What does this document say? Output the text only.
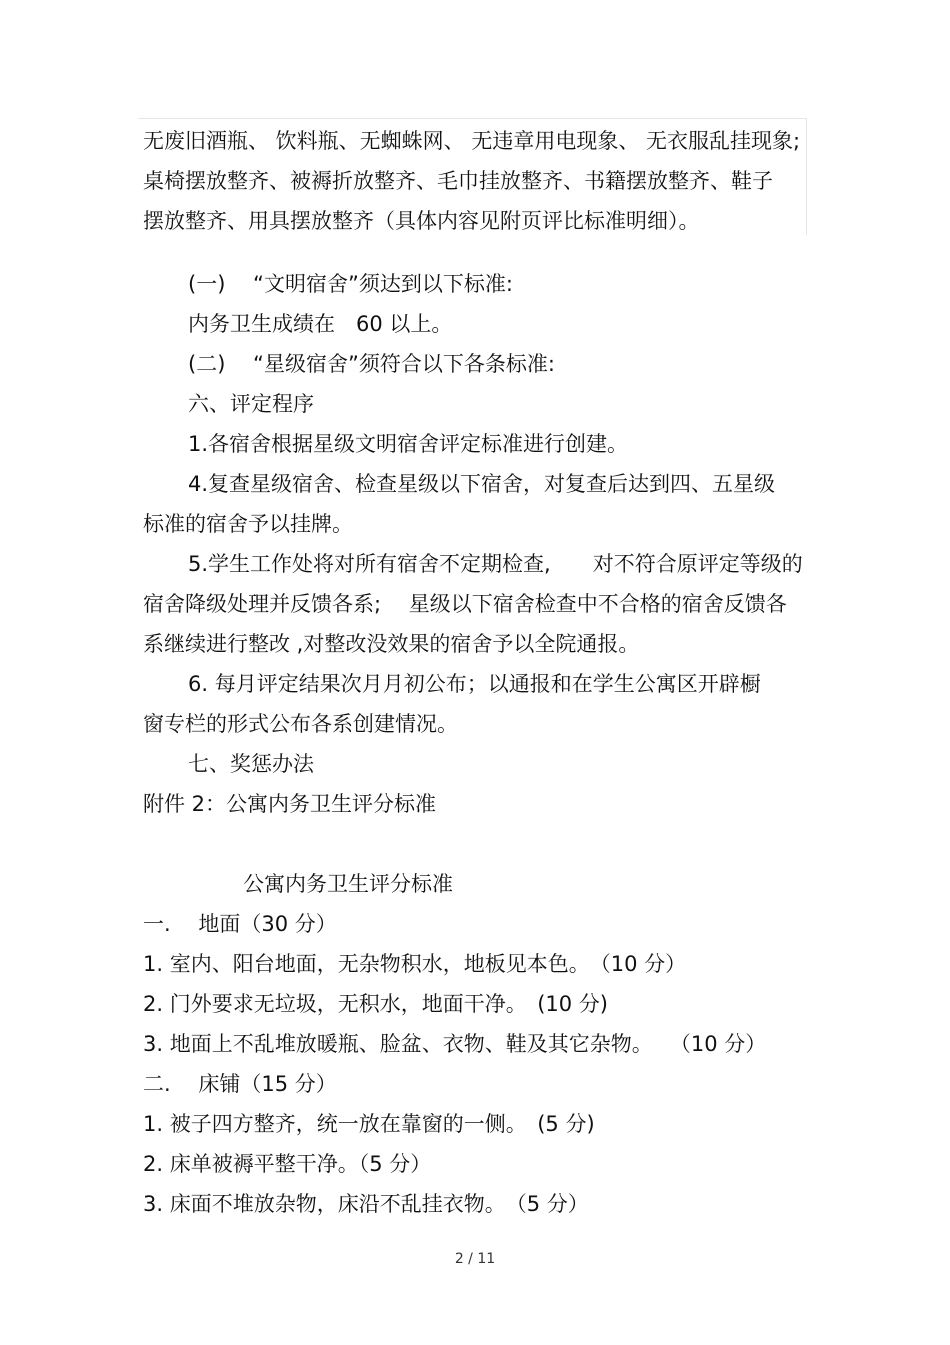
无废旧酒瓶、 饮料瓶、无蜘蛛网、 无违章用电现象、 无衣服乱挂现象;
桌椅摆放整齐、被褥折放整齐、毛巾挂放整齐、书籍摆放整齐、鞋子
摆放整齐、用具摆放整齐（具体内容见附页评比标准明细）。
(一)　 “文明宿舍”须达到以下标准:
内务卫生成绩在　60 以上。
(二)　 “星级宿舍”须符合以下各条标准:
六、评定程序
1.各宿舍根据星级文明宿舍评定标准进行创建。
4.复查星级宿舍、检查星级以下宿舍，对复查后达到四、五星级
标准的宿舍予以挂牌。
5.学生工作处将对所有宿舍不定期检查,　　对不符合原评定等级的
宿舍降级处理并反馈各系;　 星级以下宿舍检查中不合格的宿舍反馈各
系继续进行整改 ,对整改没效果的宿舍予以全院通报。
6. 每月评定结果次月月初公布；以通报和在学生公寓区开辟橱
窗专栏的形式公布各系创建情况。
七、奖惩办法
附件 2：公寓内务卫生评分标准
公寓内务卫生评分标准
一.　 地面（30 分）
1. 室内、阳台地面，无杂物积水，地板见本色。　（10 分）
2. 门外要求无垃圾，无积水，地面干净。　(10 分)
3. 地面上不乱堆放暖瓶、脸盆、衣物、鞋及其它杂物。　 （10 分）
二.　 床铺（15 分）
1. 被子四方整齐，统一放在靠窗的一侧。　(5 分)
2. 床单被褥平整干净。（5 分）
3. 床面不堆放杂物，床沿不乱挂衣物。　（5 分）
2 / 11
